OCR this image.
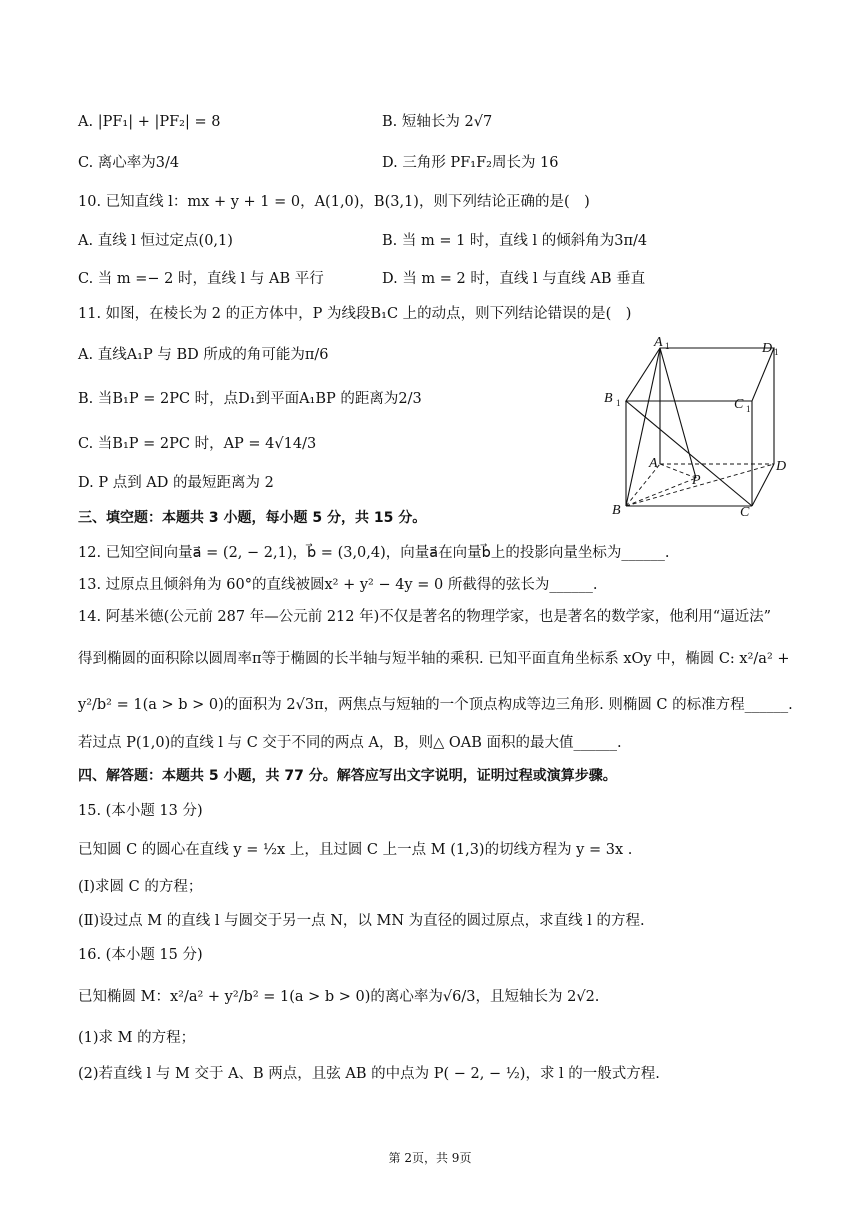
A. |PF₁| + |PF₂| = 8	B. 短轴长为 2√7
C. 离心率为3/4	D. 三角形 PF₁F₂周长为 16
10. 已知直线 l：mx + y + 1 = 0，A(1,0)，B(3,1)，则下列结论正确的是(　)
A. 直线 l 恒过定点(0,1)	B. 当 m = 1 时，直线 l 的倾斜角为3π/4
C. 当 m =− 2 时，直线 l 与 AB 平行	D. 当 m = 2 时，直线 l 与直线 AB 垂直
11. 如图，在棱长为 2 的正方体中，P 为线段B₁C 上的动点，则下列结论错误的是(　)
A. 直线A₁P 与 BD 所成的角可能为π/6
B. 当B₁P = 2PC 时，点D₁到平面A₁BP 的距离为2/3
C. 当B₁P = 2PC 时，AP = 4√14/3
D. P 点到 AD 的最短距离为 2
A 1	D 1
B 1	C 1
A	D
P
B	C
三、填空题：本题共 3 小题，每小题 5 分，共 15 分。
12. 已知空间向量a⃗ = (2, − 2,1)，b⃗ = (3,0,4)，向量a⃗在向量b⃗上的投影向量坐标为______.
13. 过原点且倾斜角为 60°的直线被圆x² + y² − 4y = 0 所截得的弦长为______.
14. 阿基米德(公元前 287 年—公元前 212 年)不仅是著名的物理学家，也是著名的数学家，他利用“逼近法”
得到椭圆的面积除以圆周率π等于椭圆的长半轴与短半轴的乘积. 已知平面直角坐标系 xOy 中，椭圆 C: x²/a² +
y²/b² = 1(a > b > 0)的面积为 2√3π，两焦点与短轴的一个顶点构成等边三角形. 则椭圆 C 的标准方程______.
若过点 P(1,0)的直线 l 与 C 交于不同的两点 A，B，则△ OAB 面积的最大值______.
四、解答题：本题共 5 小题，共 77 分。解答应写出文字说明，证明过程或演算步骤。
15. (本小题 13 分)
已知圆 C 的圆心在直线 y = ½x 上，且过圆 C 上一点 M (1,3)的切线方程为 y = 3x .
(Ⅰ)求圆 C 的方程；
(Ⅱ)设过点 M 的直线 l 与圆交于另一点 N，以 MN 为直径的圆过原点，求直线 l 的方程.
16. (本小题 15 分)
已知椭圆 M：x²/a² + y²/b² = 1(a > b > 0)的离心率为√6/3，且短轴长为 2√2.
(1)求 M 的方程；
(2)若直线 l 与 M 交于 A、B 两点，且弦 AB 的中点为 P( − 2, − ½)，求 l 的一般式方程.
第 2页，共 9页
